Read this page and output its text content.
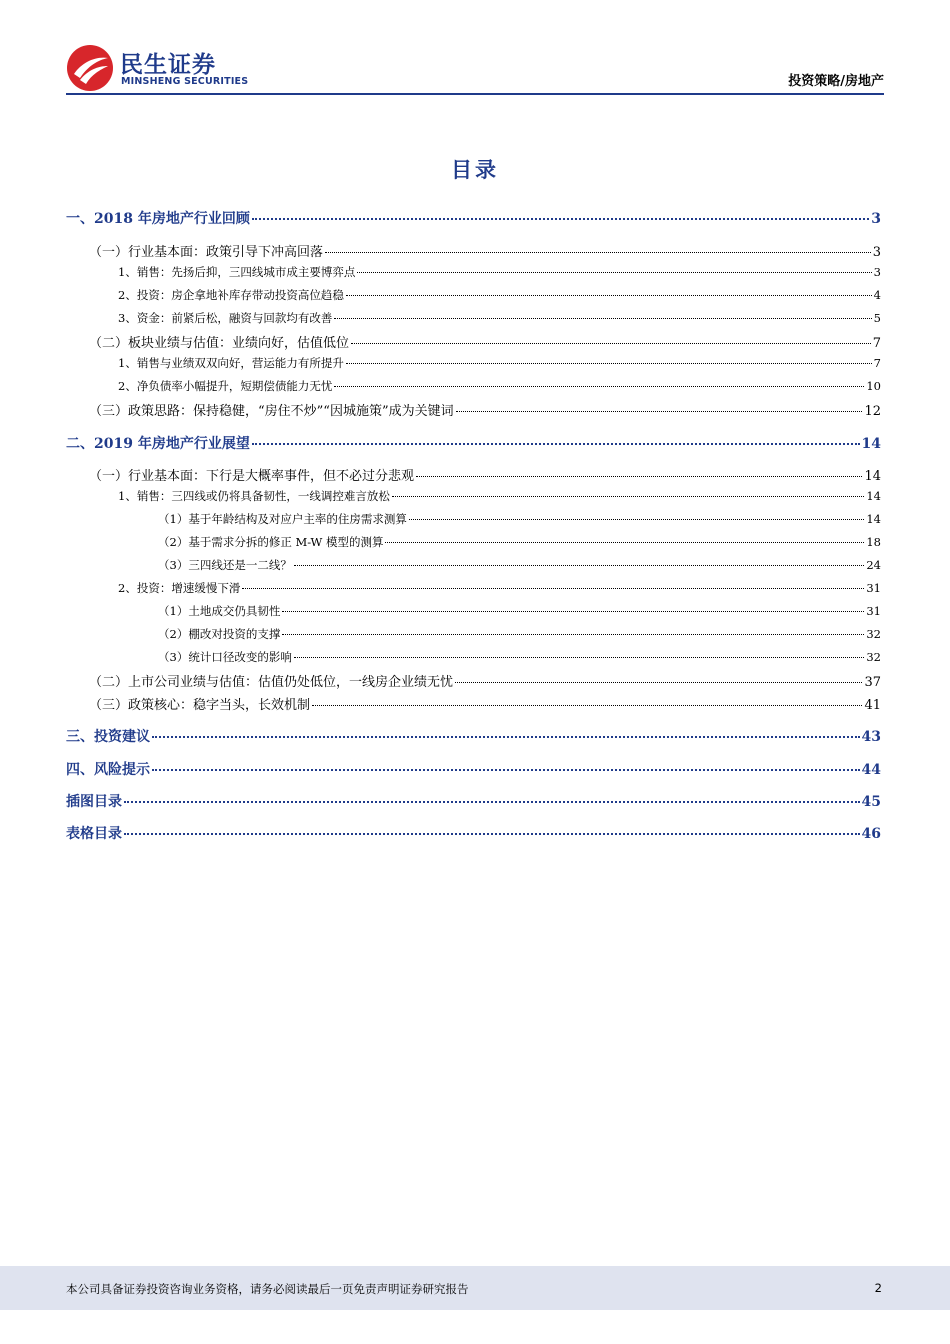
民生证券
MINSHENG SECURITIES	投资策略/房地产
目录
一、2018 年房地产行业回顾	3
（一）行业基本面：政策引导下冲高回落	3
1、销售：先扬后抑，三四线城市成主要博弈点	3
2、投资：房企拿地补库存带动投资高位趋稳	4
3、资金：前紧后松，融资与回款均有改善	5
（二）板块业绩与估值：业绩向好，估值低位	7
1、销售与业绩双双向好，营运能力有所提升	7
2、净负债率小幅提升，短期偿债能力无忧	10
（三）政策思路：保持稳健，“房住不炒”“因城施策”成为关键词	12
二、2019 年房地产行业展望	14
（一）行业基本面：下行是大概率事件，但不必过分悲观	14
1、销售：三四线或仍将具备韧性，一线调控难言放松	14
（1）基于年龄结构及对应户主率的住房需求测算	14
（2）基于需求分拆的修正 M-W 模型的测算	18
（3）三四线还是一二线？	24
2、投资：增速缓慢下滑	31
（1）土地成交仍具韧性	31
（2）棚改对投资的支撑	32
（3）统计口径改变的影响	32
（二）上市公司业绩与估值：估值仍处低位，一线房企业绩无忧	37
（三）政策核心：稳字当头，长效机制	41
三、投资建议	43
四、风险提示	44
插图目录	45
表格目录	46
本公司具备证券投资咨询业务资格，请务必阅读最后一页免责声明证券研究报告	2
